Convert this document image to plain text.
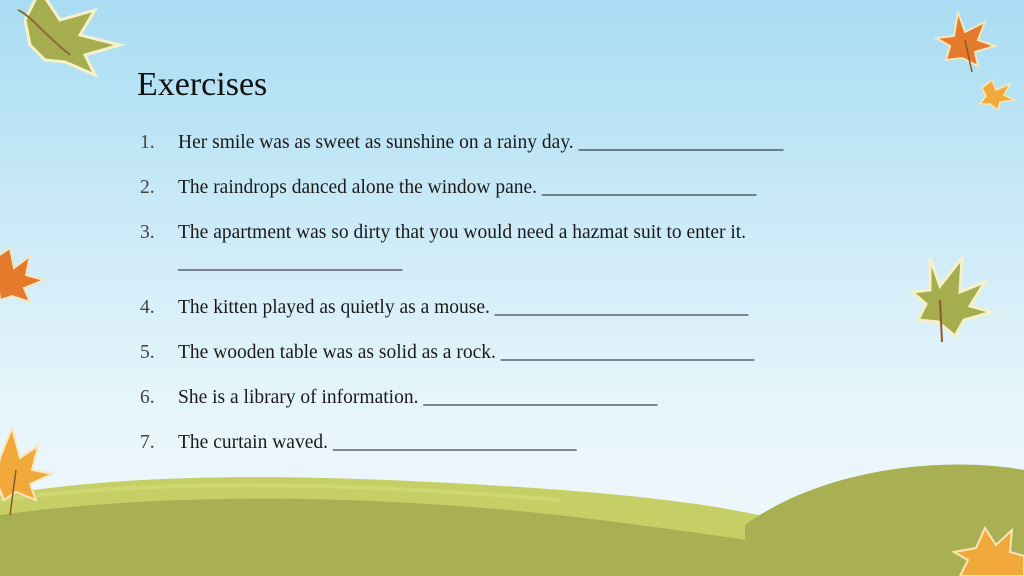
Exercises
1.	Her smile was as sweet as sunshine on a rainy day. _____________________
2.	The raindrops danced alone the window pane. ______________________
3.	The apartment was so dirty that you would need a hazmat suit to enter it. _______________________
4.	The kitten played as quietly as a mouse. __________________________
5.	The wooden table was as solid as a rock. __________________________
6.	She is a library of information. ________________________
7.	The curtain waved. _________________________
